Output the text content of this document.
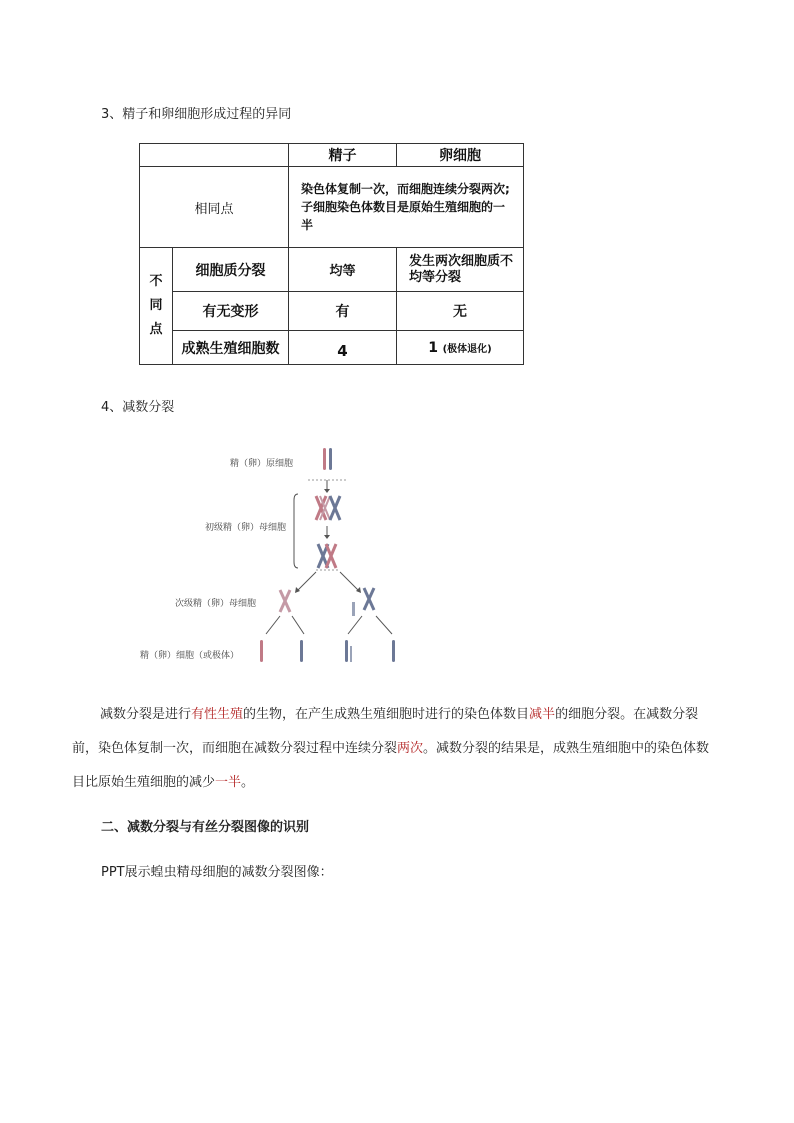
3、精子和卵细胞形成过程的异同
		精子	卵细胞
相同点		染色体复制一次，而细胞连续分裂两次;子细胞染色体数目是原始生殖细胞的一半	

不
同
点	细胞质分裂	均等	发生两次细胞质不均等分裂
	有无变形	有	无
	成熟生殖细胞数	4	1 (极体退化)
4、减数分裂
精（卵）原细胞
初级精（卵）母细胞
次级精（卵）母细胞
精（卵）细胞（或极体）
减数分裂是进行有性生殖的生物，在产生成熟生殖细胞时进行的染色体数目减半的细胞分裂。在减数分裂前，染色体复制一次，而细胞在减数分裂过程中连续分裂两次。减数分裂的结果是，成熟生殖细胞中的染色体数目比原始生殖细胞的减少一半。
二、减数分裂与有丝分裂图像的识别
PPT展示蝗虫精母细胞的减数分裂图像：
